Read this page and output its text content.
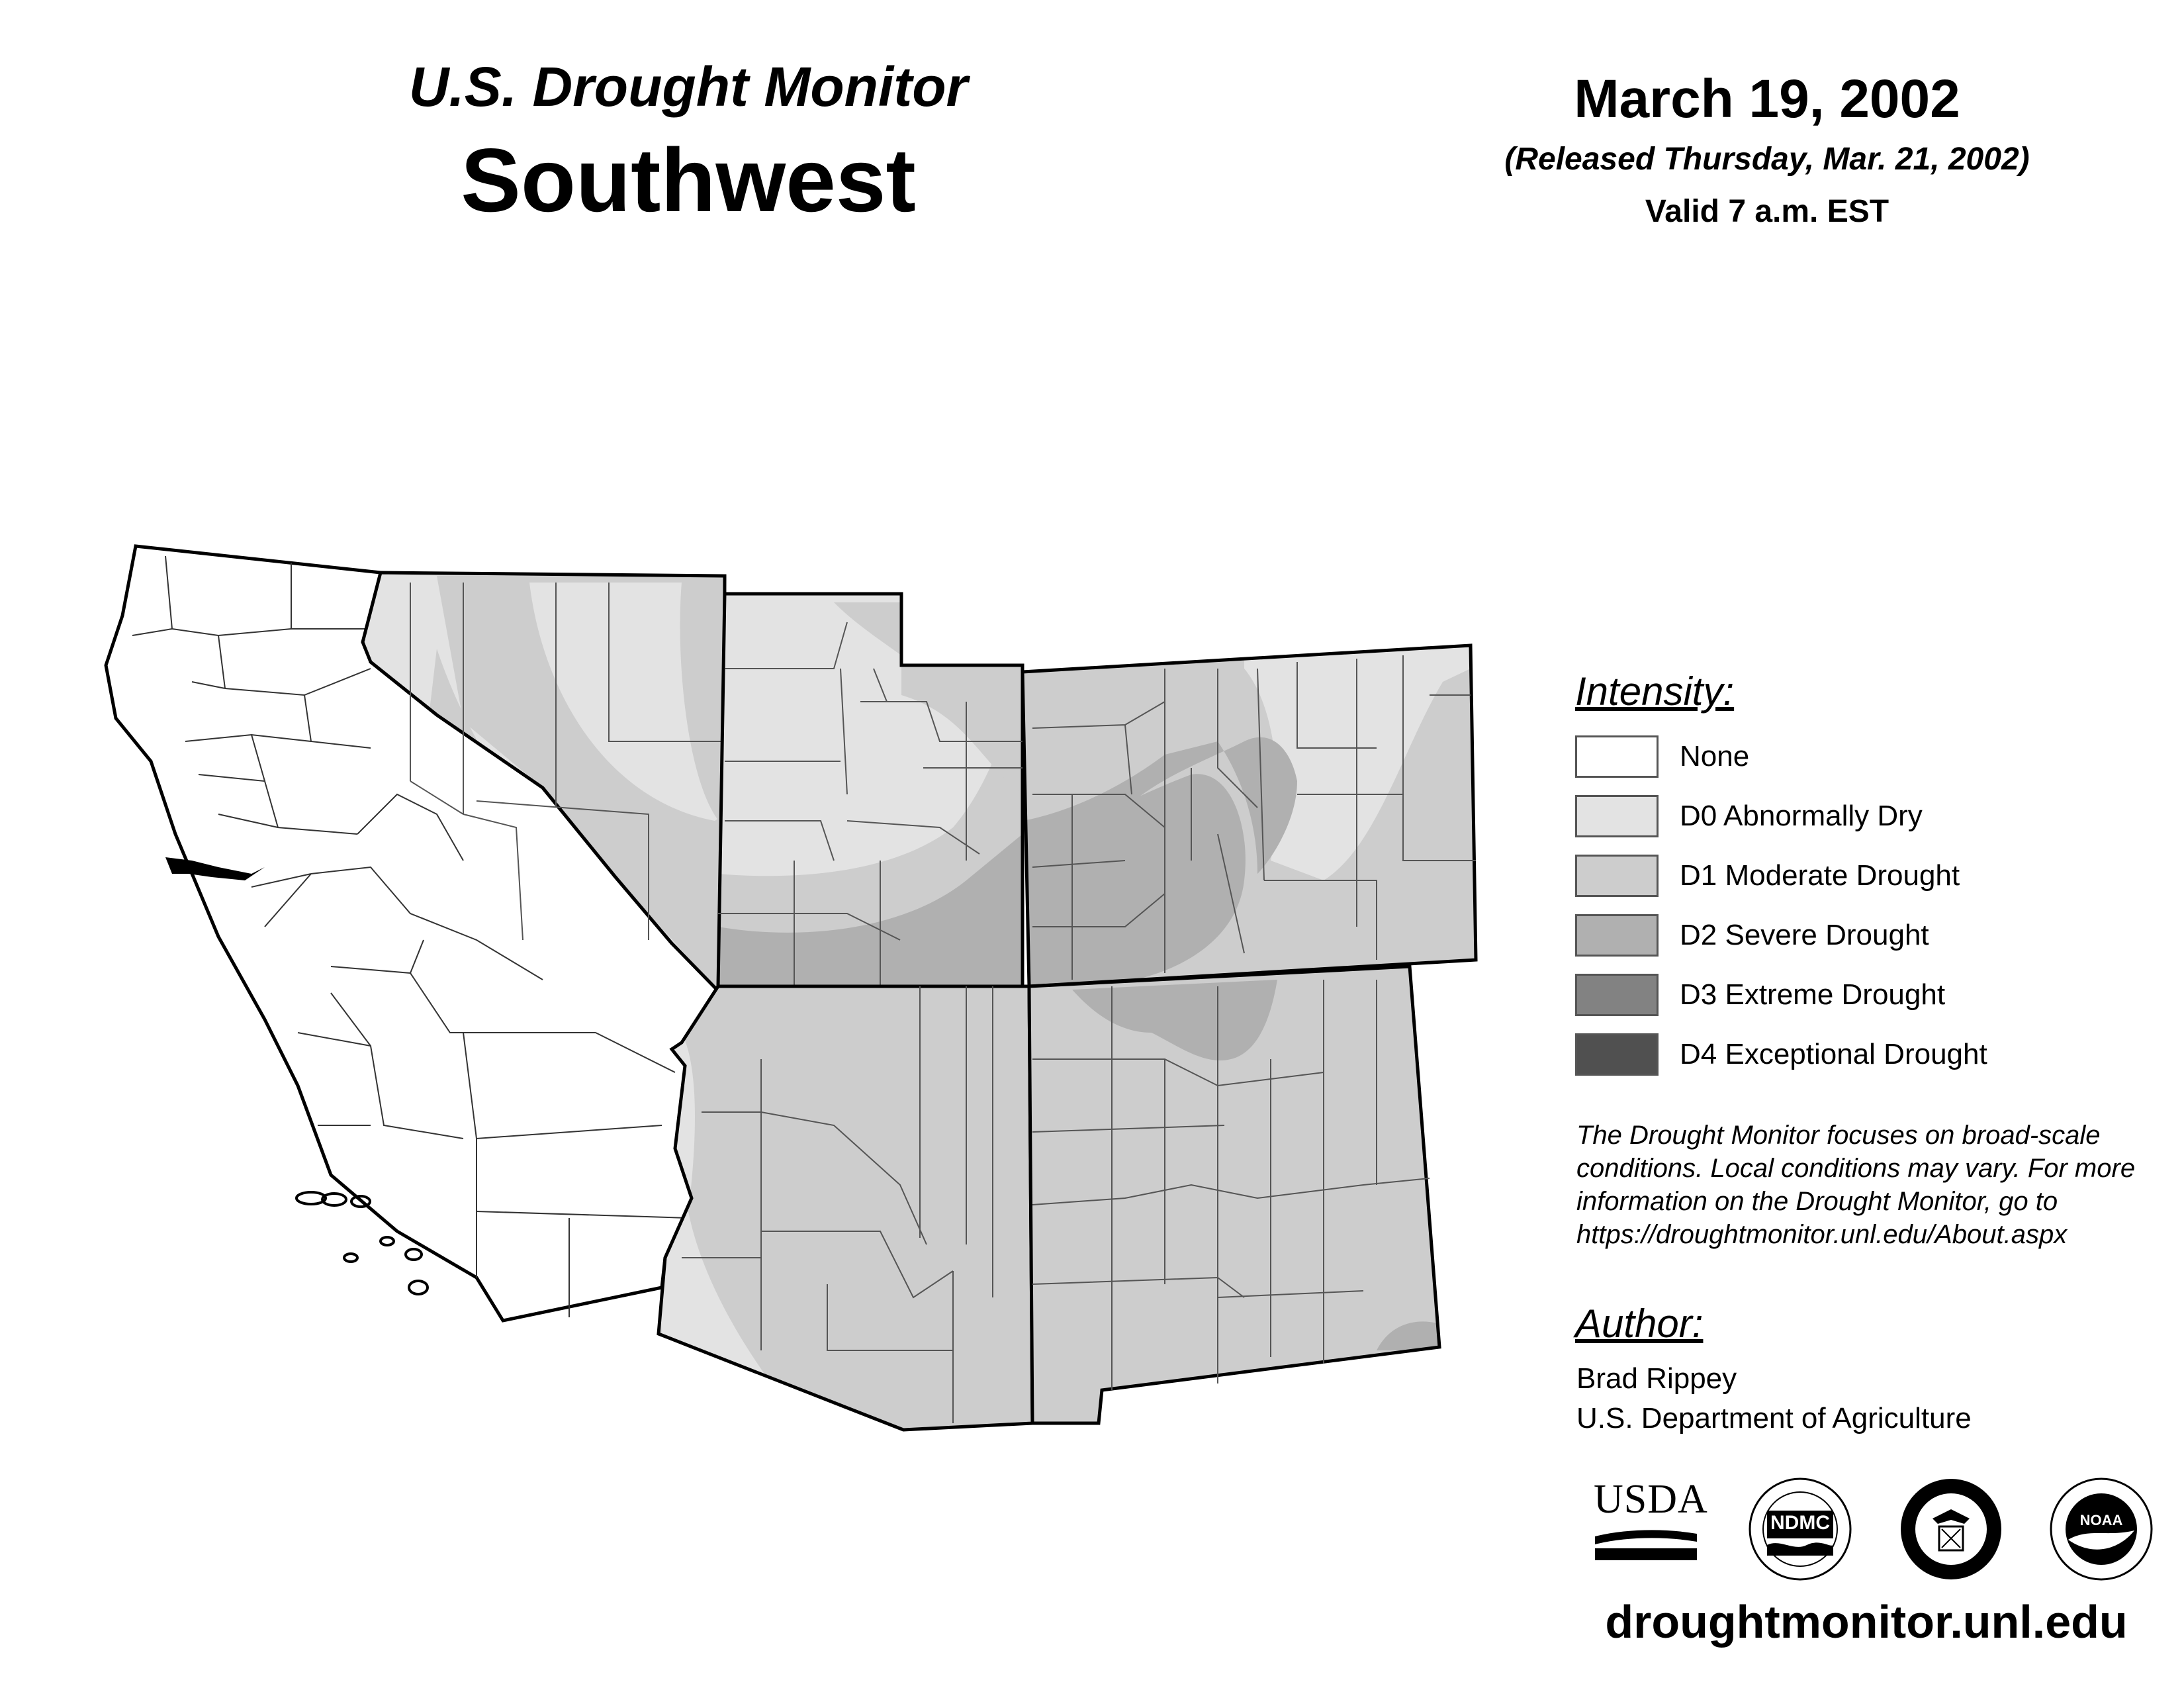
U.S. Drought Monitor
Southwest
March 19, 2002
(Released Thursday, Mar. 21, 2002)
Valid 7 a.m. EST
Intensity:
None
D0 Abnormally Dry
D1 Moderate Drought
D2 Severe Drought
D3 Extreme Drought
D4 Exceptional Drought
The Drought Monitor focuses on broad-scale conditions. Local conditions may vary. For more information on the Drought Monitor, go to https://droughtmonitor.unl.edu/About.aspx
Author:
Brad Rippey
U.S. Department of Agriculture
USDA
NDMC	NOAA
droughtmonitor.unl.edu
